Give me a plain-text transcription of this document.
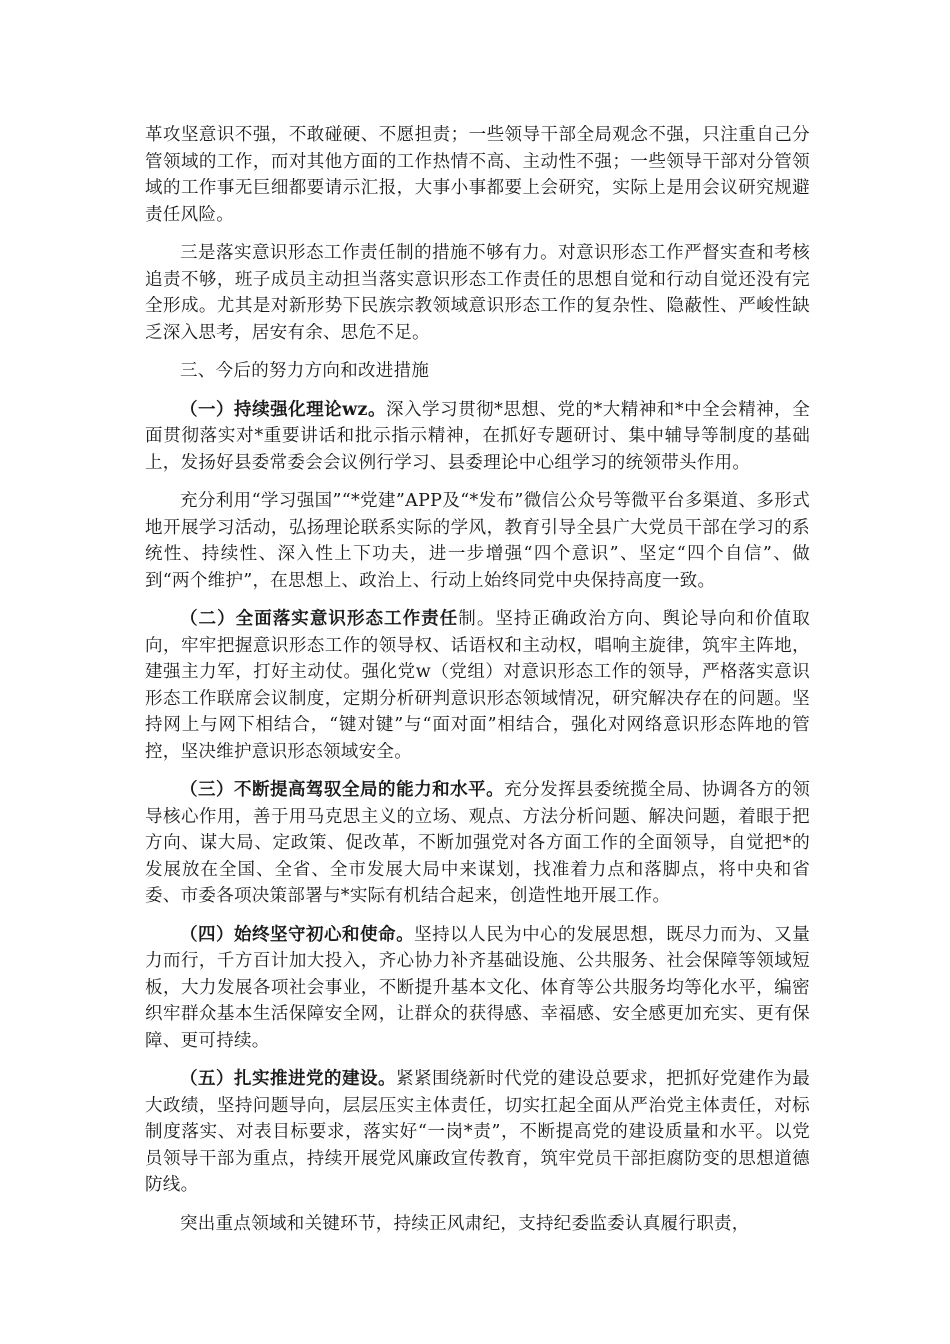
革攻坚意识不强，不敢碰硬、不愿担责；一些领导干部全局观念不强，只注重自己分管领域的工作，而对其他方面的工作热情不高、主动性不强；一些领导干部对分管领域的工作事无巨细都要请示汇报，大事小事都要上会研究，实际上是用会议研究规避责任风险。

三是落实意识形态工作责任制的措施不够有力。对意识形态工作严督实查和考核追责不够，班子成员主动担当落实意识形态工作责任的思想自觉和行动自觉还没有完全形成。尤其是对新形势下民族宗教领域意识形态工作的复杂性、隐蔽性、严峻性缺乏深入思考，居安有余、思危不足。

三、今后的努力方向和改进措施

（一）持续强化理论wz。深入学习贯彻*思想、党的*大精神和*中全会精神，全面贯彻落实对*重要讲话和批示指示精神，在抓好专题研讨、集中辅导等制度的基础上，发扬好县委常委会会议例行学习、县委理论中心组学习的统领带头作用。

充分利用“学习强国”“*党建”APP及“*发布”微信公众号等微平台多渠道、多形式地开展学习活动，弘扬理论联系实际的学风，教育引导全县广大党员干部在学习的系统性、持续性、深入性上下功夫，进一步增强“四个意识”、坚定“四个自信”、做到“两个维护”，在思想上、政治上、行动上始终同党中央保持高度一致。

（二）全面落实意识形态工作责任制。坚持正确政治方向、舆论导向和价值取向，牢牢把握意识形态工作的领导权、话语权和主动权，唱响主旋律，筑牢主阵地，建强主力军，打好主动仗。强化党w（党组）对意识形态工作的领导，严格落实意识形态工作联席会议制度，定期分析研判意识形态领域情况，研究解决存在的问题。坚持网上与网下相结合，“键对键”与“面对面”相结合，强化对网络意识形态阵地的管控，坚决维护意识形态领域安全。

（三）不断提高驾驭全局的能力和水平。充分发挥县委统揽全局、协调各方的领导核心作用，善于用马克思主义的立场、观点、方法分析问题、解决问题，着眼于把方向、谋大局、定政策、促改革，不断加强党对各方面工作的全面领导，自觉把*的发展放在全国、全省、全市发展大局中来谋划，找准着力点和落脚点，将中央和省委、市委各项决策部署与*实际有机结合起来，创造性地开展工作。

（四）始终坚守初心和使命。坚持以人民为中心的发展思想，既尽力而为、又量力而行，千方百计加大投入，齐心协力补齐基础设施、公共服务、社会保障等领域短板，大力发展各项社会事业，不断提升基本文化、体育等公共服务均等化水平，编密织牢群众基本生活保障安全网，让群众的获得感、幸福感、安全感更加充实、更有保障、更可持续。

（五）扎实推进党的建设。紧紧围绕新时代党的建设总要求，把抓好党建作为最大政绩，坚持问题导向，层层压实主体责任，切实扛起全面从严治党主体责任，对标制度落实、对表目标要求，落实好“一岗*责”，不断提高党的建设质量和水平。以党员领导干部为重点，持续开展党风廉政宣传教育，筑牢党员干部拒腐防变的思想道德防线。

突出重点领域和关键环节，持续正风肃纪，支持纪委监委认真履行职责，
